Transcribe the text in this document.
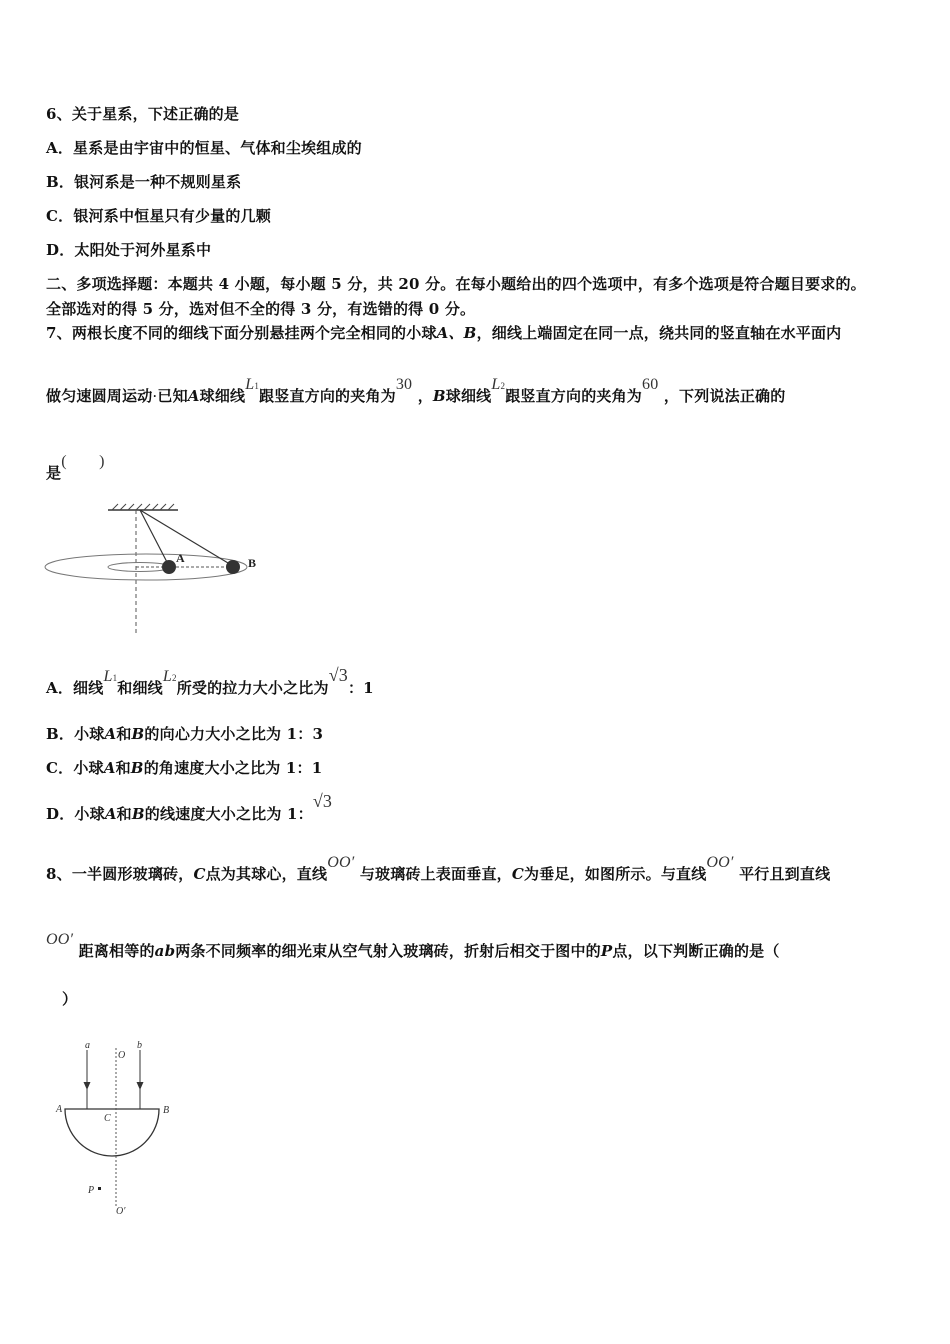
6、关于星系，下述正确的是
A．星系是由宇宙中的恒星、气体和尘埃组成的
B．银河系是一种不规则星系
C．银河系中恒星只有少量的几颗
D．太阳处于河外星系中
二、多项选择题：本题共 4 小题，每小题 5 分，共 20 分。在每小题给出的四个选项中，有多个选项是符合题目要求的。
全部选对的得 5 分，选对但不全的得 3 分，有选错的得 0 分。
7、两根长度不同的细线下面分别悬挂两个完全相同的小球A、B，细线上端固定在同一点，绕共同的竖直轴在水平面内
做匀速圆周运动·已知A球细线L1跟竖直方向的夹角为30 ，B球细线L2跟竖直方向的夹角为60 ，下列说法正确的
是(　　)
A	B
A．细线L1和细线L2所受的拉力大小之比为√3：1
B．小球A和B的向心力大小之比为 1：3
C．小球A和B的角速度大小之比为 1：1
D．小球A和B的线速度大小之比为 1：√3
8、一半圆形玻璃砖，C点为其球心，直线OO′ 与玻璃砖上表面垂直，C为垂足，如图所示。与直线OO′ 平行且到直线
OO′ 距离相等的ab两条不同频率的细光束从空气射入玻璃砖，折射后相交于图中的P点，以下判断正确的是（
）
a	b
O
A	B
C
P
O′
